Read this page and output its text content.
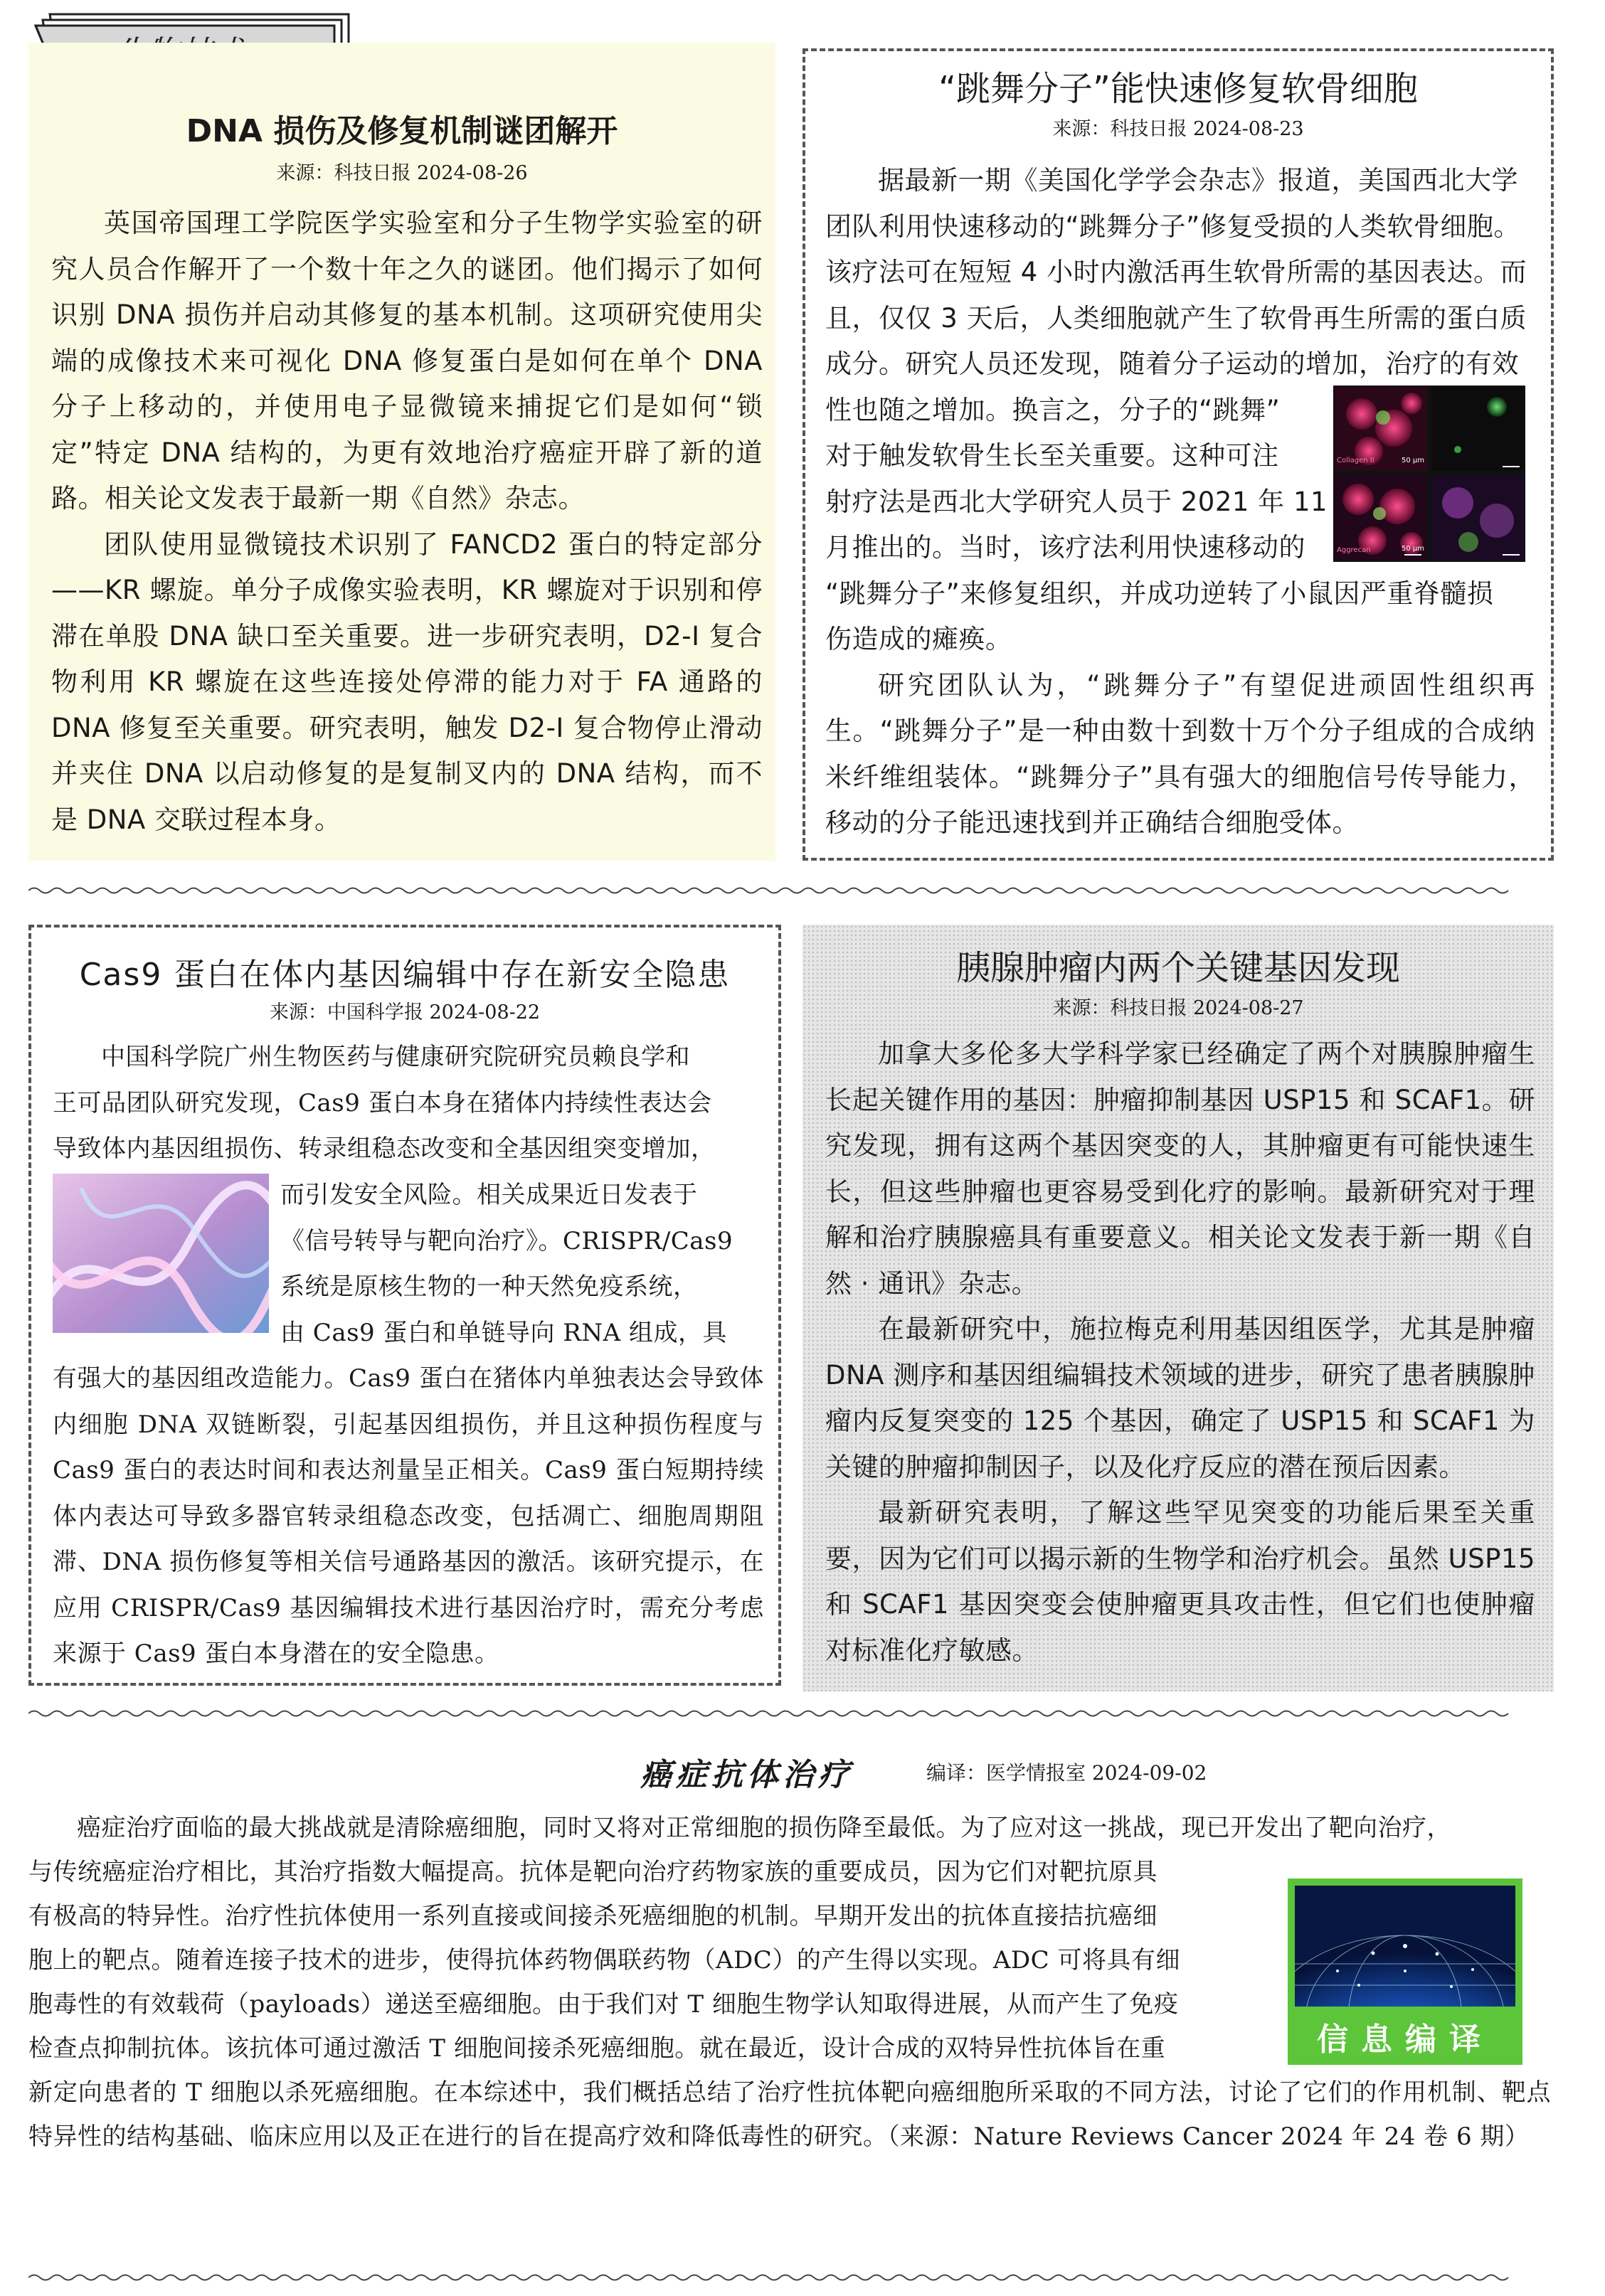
DNA 损伤及修复机制谜团解开

来源：科技日报 2024-08-26

英国帝国理工学院医学实验室和分子生物学实验室的研究人员合作解开了一个数十年之久的谜团。他们揭示了如何识别 DNA 损伤并启动其修复的基本机制。这项研究使用尖端的成像技术来可视化 DNA 修复蛋白是如何在单个 DNA 分子上移动的，并使用电子显微镜来捕捉它们是如何“锁定”特定 DNA 结构的，为更有效地治疗癌症开辟了新的道路。相关论文发表于最新一期《自然》杂志。

团队使用显微镜技术识别了 FANCD2 蛋白的特定部分——KR 螺旋。单分子成像实验表明，KR 螺旋对于识别和停滞在单股 DNA 缺口至关重要。进一步研究表明，D2-I 复合物利用 KR 螺旋在这些连接处停滞的能力对于 FA 通路的 DNA 修复至关重要。研究表明，触发 D2-I 复合物停止滑动并夹住 DNA 以启动修复的是复制叉内的 DNA 结构，而不是 DNA 交联过程本身。

“跳舞分子”能快速修复软骨细胞

来源：科技日报 2024-08-23

据最新一期《美国化学学会杂志》报道，美国西北大学
团队利用快速移动的“跳舞分子”修复受损的人类软骨细胞。
该疗法可在短短 4 小时内激活再生软骨所需的基因表达。而
且，仅仅 3 天后，人类细胞就产生了软骨再生所需的蛋白质
成分。研究人员还发现，随着分子运动的增加，治疗的有效
性也随之增加。换言之，分子的“跳舞”
对于触发软骨生长至关重要。这种可注
射疗法是西北大学研究人员于 2021 年 11
月推出的。当时，该疗法利用快速移动的
“跳舞分子”来修复组织，并成功逆转了小鼠因严重脊髓损
伤造成的瘫痪。

研究团队认为，“跳舞分子”有望促进顽固性组织再生。“跳舞分子”是一种由数十到数十万个分子组成的合成纳米纤维组装体。“跳舞分子”具有强大的细胞信号传导能力，移动的分子能迅速找到并正确结合细胞受体。

Collagen II	50 µm
Aggrecan	50 µm
Cas9 蛋白在体内基因编辑中存在新安全隐患

来源：中国科学报 2024-08-22

中国科学院广州生物医药与健康研究院研究员赖良学和
王可品团队研究发现，Cas9 蛋白本身在猪体内持续性表达会
导致体内基因组损伤、转录组稳态改变和全基因组突变增加，
而引发安全风险。相关成果近日发表于
《信号转导与靶向治疗》。CRISPR/Cas9
系统是原核生物的一种天然免疫系统，
由 Cas9 蛋白和单链导向 RNA 组成，具

有强大的基因组改造能力。Cas9 蛋白在猪体内单独表达会导致体内细胞 DNA 双链断裂，引起基因组损伤，并且这种损伤程度与 Cas9 蛋白的表达时间和表达剂量呈正相关。Cas9 蛋白短期持续体内表达可导致多器官转录组稳态改变，包括凋亡、细胞周期阻滞、DNA 损伤修复等相关信号通路基因的激活。该研究提示，在应用 CRISPR/Cas9 基因编辑技术进行基因治疗时，需充分考虑来源于 Cas9 蛋白本身潜在的安全隐患。

胰腺肿瘤内两个关键基因发现

来源：科技日报 2024-08-27

加拿大多伦多大学科学家已经确定了两个对胰腺肿瘤生长起关键作用的基因：肿瘤抑制基因 USP15 和 SCAF1。研究发现，拥有这两个基因突变的人，其肿瘤更有可能快速生长，但这些肿瘤也更容易受到化疗的影响。最新研究对于理解和治疗胰腺癌具有重要意义。相关论文发表于新一期《自然 · 通讯》杂志。

在最新研究中，施拉梅克利用基因组医学，尤其是肿瘤 DNA 测序和基因组编辑技术领域的进步，研究了患者胰腺肿瘤内反复突变的 125 个基因，确定了 USP15 和 SCAF1 为关键的肿瘤抑制因子，以及化疗反应的潜在预后因素。

最新研究表明，了解这些罕见突变的功能后果至关重要，因为它们可以揭示新的生物学和治疗机会。虽然 USP15 和 SCAF1 基因突变会使肿瘤更具攻击性，但它们也使肿瘤对标准化疗敏感。

癌症抗体治疗	编译：医学情报室 2024-09-02
癌症治疗面临的最大挑战就是清除癌细胞，同时又将对正常细胞的损伤降至最低。为了应对这一挑战，现已开发出了靶向治疗，
与传统癌症治疗相比，其治疗指数大幅提高。抗体是靶向治疗药物家族的重要成员，因为它们对靶抗原具
有极高的特异性。治疗性抗体使用一系列直接或间接杀死癌细胞的机制。早期开发出的抗体直接拮抗癌细
胞上的靶点。随着连接子技术的进步，使得抗体药物偶联药物（ADC）的产生得以实现。ADC 可将具有细
胞毒性的有效载荷（payloads）递送至癌细胞。由于我们对 T 细胞生物学认知取得进展，从而产生了免疫
检查点抑制抗体。该抗体可通过激活 T 细胞间接杀死癌细胞。就在最近，设计合成的双特异性抗体旨在重

新定向患者的 T 细胞以杀死癌细胞。在本综述中，我们概括总结了治疗性抗体靶向癌细胞所采取的不同方法，讨论了它们的作用机制、靶点特异性的结构基础、临床应用以及正在进行的旨在提高疗效和降低毒性的研究。（来源：Nature Reviews Cancer 2024 年 24 卷 6 期）

信息编译
